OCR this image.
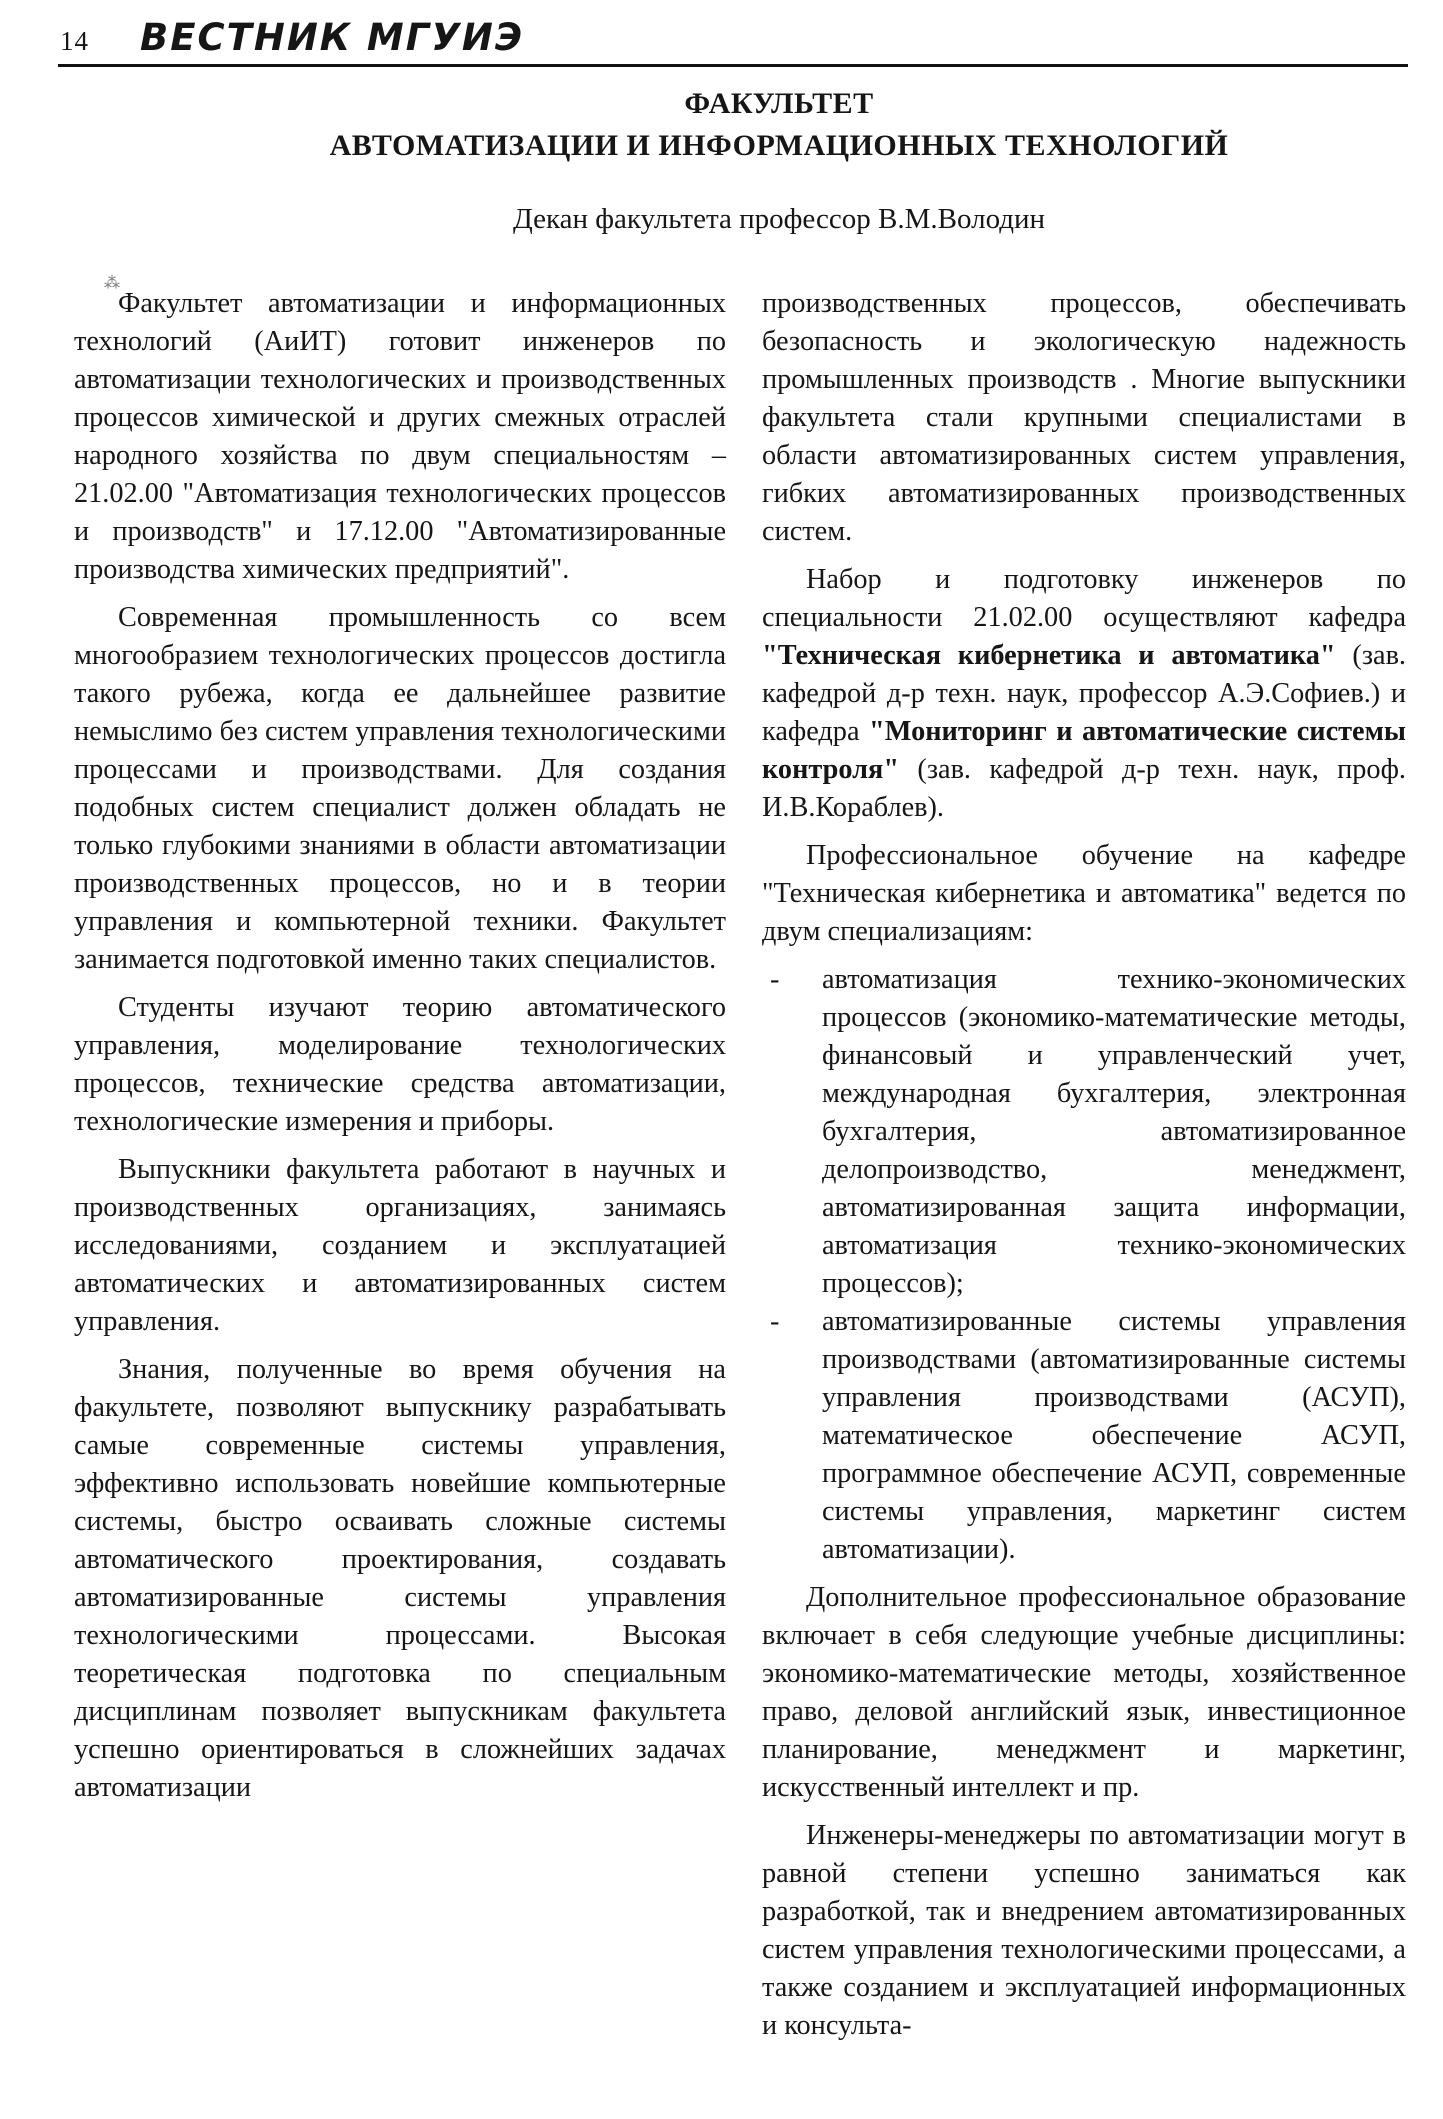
14 ВЕСТНИК МГУИЭ
ФАКУЛЬТЕТ
АВТОМАТИЗАЦИИ И ИНФОРМАЦИОННЫХ ТЕХНОЛОГИЙ
Декан факультета профессор В.М.Володин
⁂

Факультет автоматизации и информационных технологий (АиИТ) готовит инженеров по автоматизации технологических и производственных процессов химической и других смежных отраслей народного хозяйства по двум специальностям – 21.02.00 "Автоматизация технологических процессов и производств" и 17.12.00 "Автоматизированные производства химических предприятий".

Современная промышленность со всем многообразием технологических процессов достигла такого рубежа, когда ее дальнейшее развитие немыслимо без систем управления технологическими процессами и производствами. Для создания подобных систем специалист должен обладать не только глубокими знаниями в области автоматизации производственных процессов, но и в теории управления и компьютерной техники. Факультет занимается подготовкой именно таких специалистов.

Студенты изучают теорию автоматического управления, моделирование технологических процессов, технические средства автоматизации, технологические измерения и приборы.

Выпускники факультета работают в научных и производственных организациях, занимаясь исследованиями, созданием и эксплуатацией автоматических и автоматизированных систем управления.

Знания, полученные во время обучения на факультете, позволяют выпускнику разрабатывать самые современные системы управления, эффективно использовать новейшие компьютерные системы, быстро осваивать сложные системы автоматического проектирования, создавать автоматизированные системы управления технологическими процессами. Высокая теоретическая подготовка по специальным дисциплинам позволяет выпускникам факультета успешно ориентироваться в сложнейших задачах автоматизации

производственных процессов, обеспечивать безопасность и экологическую надежность промышленных производств . Многие выпускники факультета стали крупными специалистами в области автоматизированных систем управления, гибких автоматизированных производственных систем.

Набор и подготовку инженеров по специальности 21.02.00 осуществляют кафедра "Техническая кибернетика и автоматика" (зав. кафедрой д-р техн. наук, профессор А.Э.Софиев.) и кафедра "Мониторинг и автоматические системы контроля" (зав. кафедрой д-р техн. наук, проф. И.В.Кораблев).

Профессиональное обучение на кафедре "Техническая кибернетика и автоматика" ведется по двум специализациям:

- автоматизация технико-экономических процессов (экономико-математические методы, финансовый и управленческий учет, международная бухгалтерия, электронная бухгалтерия, автоматизированное делопроизводство, менеджмент, автоматизированная защита информации, автоматизация технико-экономических процессов);
- автоматизированные системы управления производствами (автоматизированные системы управления производствами (АСУП), математическое обеспечение АСУП, программное обеспечение АСУП, современные системы управления, маркетинг систем автоматизации).

Дополнительное профессиональное образование включает в себя следующие учебные дисциплины: экономико-математические методы, хозяйственное право, деловой английский язык, инвестиционное планирование, менеджмент и маркетинг, искусственный интеллект и пр.

Инженеры-менеджеры по автоматизации могут в равной степени успешно заниматься как разработкой, так и внедрением автоматизированных систем управления технологическими процессами, а также созданием и эксплуатацией информационных и консульта-
